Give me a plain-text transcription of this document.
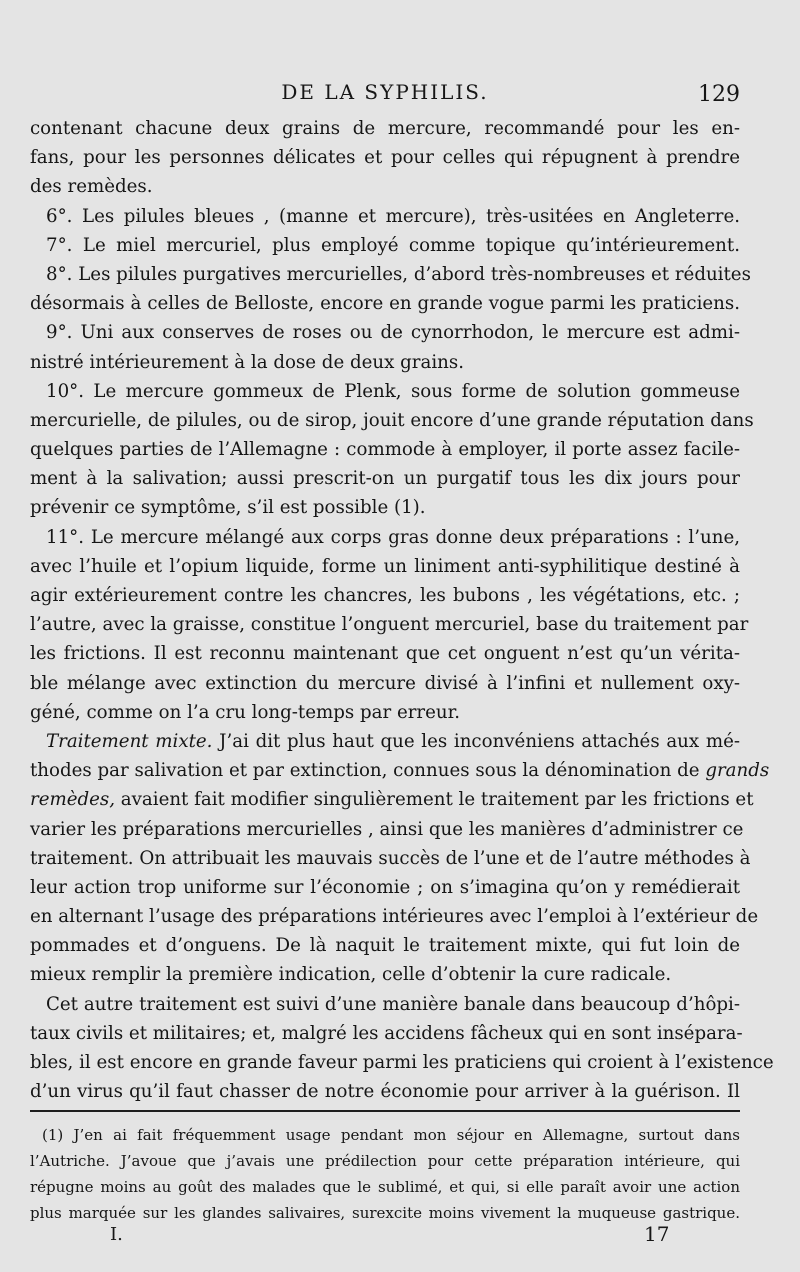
DE LA SYPHILIS.	129
contenant chacune deux grains de mercure, recommandé pour les en-
fans, pour les personnes délicates et pour celles qui répugnent à prendre
des remèdes.
6°. Les pilules bleues , (manne et mercure), très-usitées en Angleterre.
7°. Le miel mercuriel, plus employé comme topique qu’intérieurement.
8°. Les pilules purgatives mercurielles, d’abord très-nombreuses et réduites
désormais à celles de Belloste, encore en grande vogue parmi les praticiens.
9°. Uni aux conserves de roses ou de cynorrhodon, le mercure est admi-
nistré intérieurement à la dose de deux grains.
10°. Le mercure gommeux de Plenk, sous forme de solution gommeuse
mercurielle, de pilules, ou de sirop, jouit encore d’une grande réputation dans
quelques parties de l’Allemagne : commode à employer, il porte assez facile-
ment à la salivation; aussi prescrit-on un purgatif tous les dix jours pour
prévenir ce symptôme, s’il est possible (1).
11°. Le mercure mélangé aux corps gras donne deux préparations : l’une,
avec l’huile et l’opium liquide, forme un liniment anti-syphilitique destiné à
agir extérieurement contre les chancres, les bubons , les végétations, etc. ;
l’autre, avec la graisse, constitue l’onguent mercuriel, base du traitement par
les frictions. Il est reconnu maintenant que cet onguent n’est qu’un vérita-
ble mélange avec extinction du mercure divisé à l’infini et nullement oxy-
géné, comme on l’a cru long-temps par erreur.
Traitement mixte. J’ai dit plus haut que les inconvéniens attachés aux mé-
thodes par salivation et par extinction, connues sous la dénomination de grands
remèdes, avaient fait modifier singulièrement le traitement par les frictions et
varier les préparations mercurielles , ainsi que les manières d’administrer ce
traitement. On attribuait les mauvais succès de l’une et de l’autre méthodes à
leur action trop uniforme sur l’économie ; on s’imagina qu’on y remédierait
en alternant l’usage des préparations intérieures avec l’emploi à l’extérieur de
pommades et d’onguens. De là naquit le traitement mixte, qui fut loin de
mieux remplir la première indication, celle d’obtenir la cure radicale.
Cet autre traitement est suivi d’une manière banale dans beaucoup d’hôpi-
taux civils et militaires; et, malgré les accidens fâcheux qui en sont insépara-
bles, il est encore en grande faveur parmi les praticiens qui croient à l’existence
d’un virus qu’il faut chasser de notre économie pour arriver à la guérison. Il
(1) J’en ai fait fréquemment usage pendant mon séjour en Allemagne, surtout dans
l’Autriche. J’avoue que j’avais une prédilection pour cette préparation intérieure, qui
répugne moins au goût des malades que le sublimé, et qui, si elle paraît avoir une action
plus marquée sur les glandes salivaires, surexcite moins vivement la muqueuse gastrique.
I.	17
